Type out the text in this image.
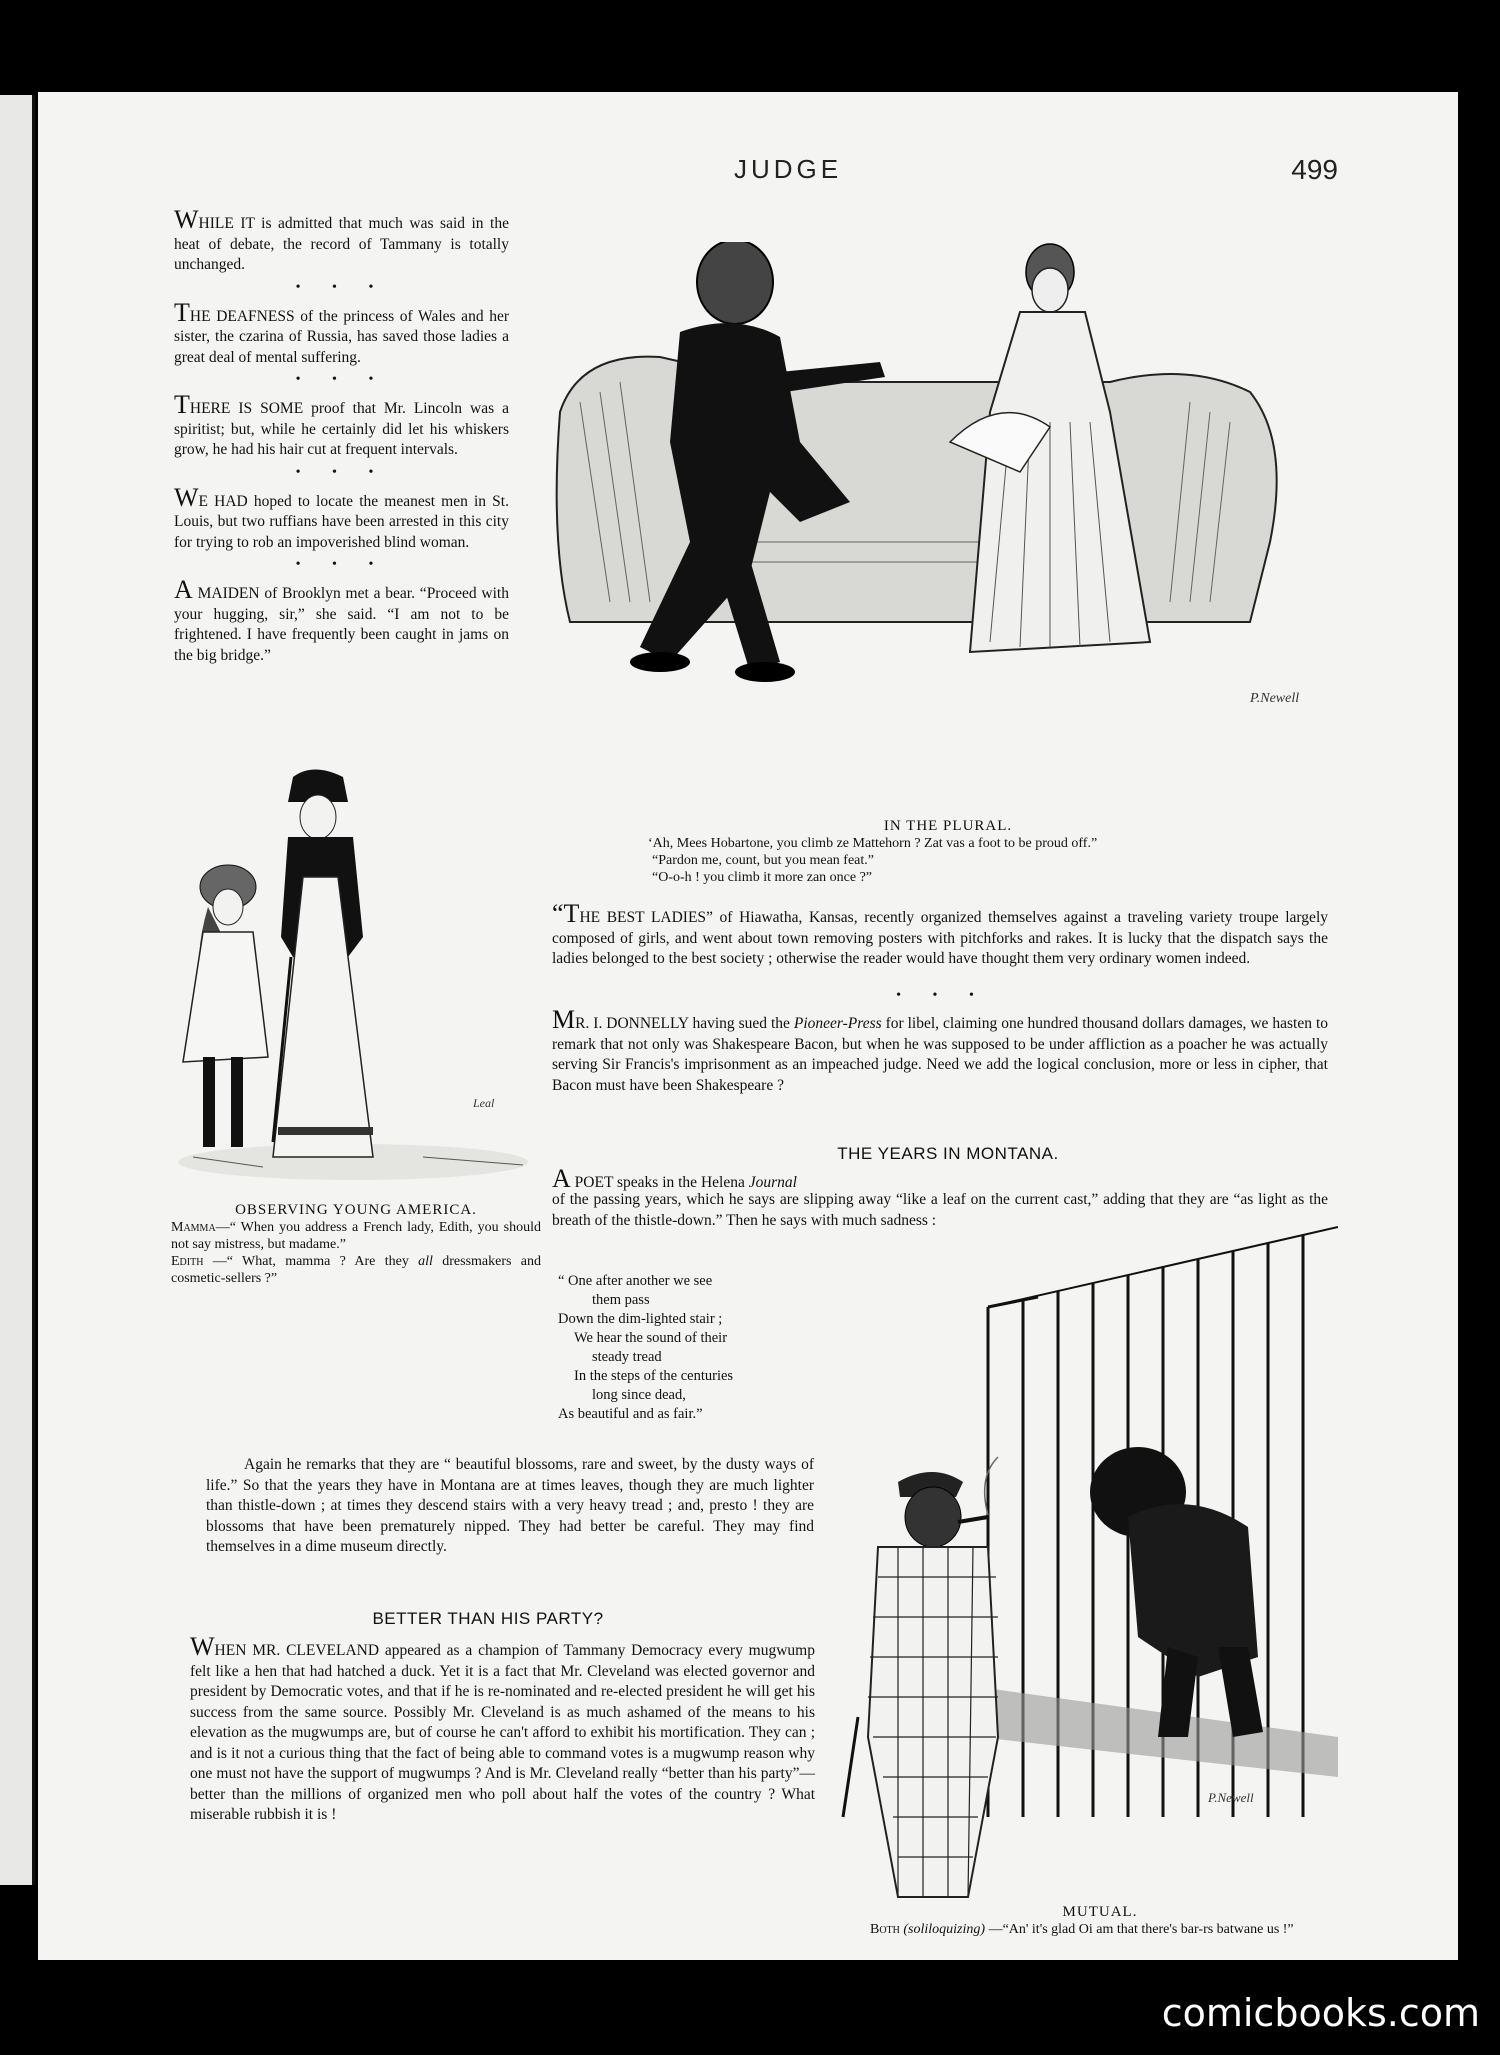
JUDGE	499

WHILE IT is admitted that much was said in the heat of debate, the record of Tammany is totally unchanged.

• • •

THE DEAFNESS of the princess of Wales and her sister, the czarina of Russia, has saved those ladies a great deal of mental suffering.

• • •

THERE IS SOME proof that Mr. Lincoln was a spiritist; but, while he certainly did let his whiskers grow, he had his hair cut at frequent intervals.

• • •

WE HAD hoped to locate the meanest men in St. Louis, but two ruffians have been arrested in this city for trying to rob an impoverished blind woman.

• • •

A MAIDEN of Brooklyn met a bear. “Proceed with your hugging, sir,” she said. “I am not to be frightened. I have frequently been caught in jams on the big bridge.”

P.Newell
IN THE PLURAL.
‘Ah, Mees Hobartone, you climb ze Mattehorn ? Zat vas a foot to be proud off.”
“Pardon me, count, but you mean feat.”
“O-o-h ! you climb it more zan once ?”
Leal
OBSERVING YOUNG AMERICA.
Mamma—“ When you address a French lady, Edith, you should not say mistress, but madame.”
Edith —“ What, mamma ? Are they all dressmakers and cosmetic-sellers ?”

“THE BEST LADIES” of Hiawatha, Kansas, recently organized themselves against a traveling variety troupe largely composed of girls, and went about town removing posters with pitchforks and rakes. It is lucky that the dispatch says the ladies belonged to the best society ; otherwise the reader would have thought them very ordinary women indeed.

• • •

MR. I. DONNELLY having sued the Pioneer-Press for libel, claiming one hundred thousand dollars damages, we hasten to remark that not only was Shakespeare Bacon, but when he was supposed to be under affliction as a poacher he was actually serving Sir Francis's imprisonment as an impeached judge. Need we add the logical conclusion, more or less in cipher, that Bacon must have been Shakespeare ?

THE YEARS IN MONTANA.

A POET speaks in the Helena Journal

of the passing years, which he says are slipping away “like a leaf on the current cast,” adding that they are “as light as the breath of the thistle-down.” Then he says with much sadness :

“ One after another we see
them pass
Down the dim-lighted stair ;
We hear the sound of their
steady tread
In the steps of the centuries
long since dead,
As beautiful and as fair.”

Again he remarks that they are “ beautiful blossoms, rare and sweet, by the dusty ways of life.” So that the years they have in Montana are at times leaves, though they are much lighter than thistle-down ; at times they descend stairs with a very heavy tread ; and, presto ! they are blossoms that have been prematurely nipped. They had better be careful. They may find themselves in a dime museum directly.

BETTER THAN HIS PARTY?

WHEN MR. CLEVELAND appeared as a champion of Tammany Democracy every mugwump felt like a hen that had hatched a duck. Yet it is a fact that Mr. Cleveland was elected governor and president by Democratic votes, and that if he is re-nominated and re-elected president he will get his success from the same source. Possibly Mr. Cleveland is as much ashamed of the means to his elevation as the mugwumps are, but of course he can't afford to exhibit his mortification. They can ; and is it not a curious thing that the fact of being able to command votes is a mugwump reason why one must not have the support of mugwumps ? And is Mr. Cleveland really “better than his party”— better than the millions of organized men who poll about half the votes of the country ? What miserable rubbish it is !

P.Newell
MUTUAL.
Both (soliloquizing) —“An' it's glad Oi am that there's bar-rs batwane us !”
comicbooks.com
